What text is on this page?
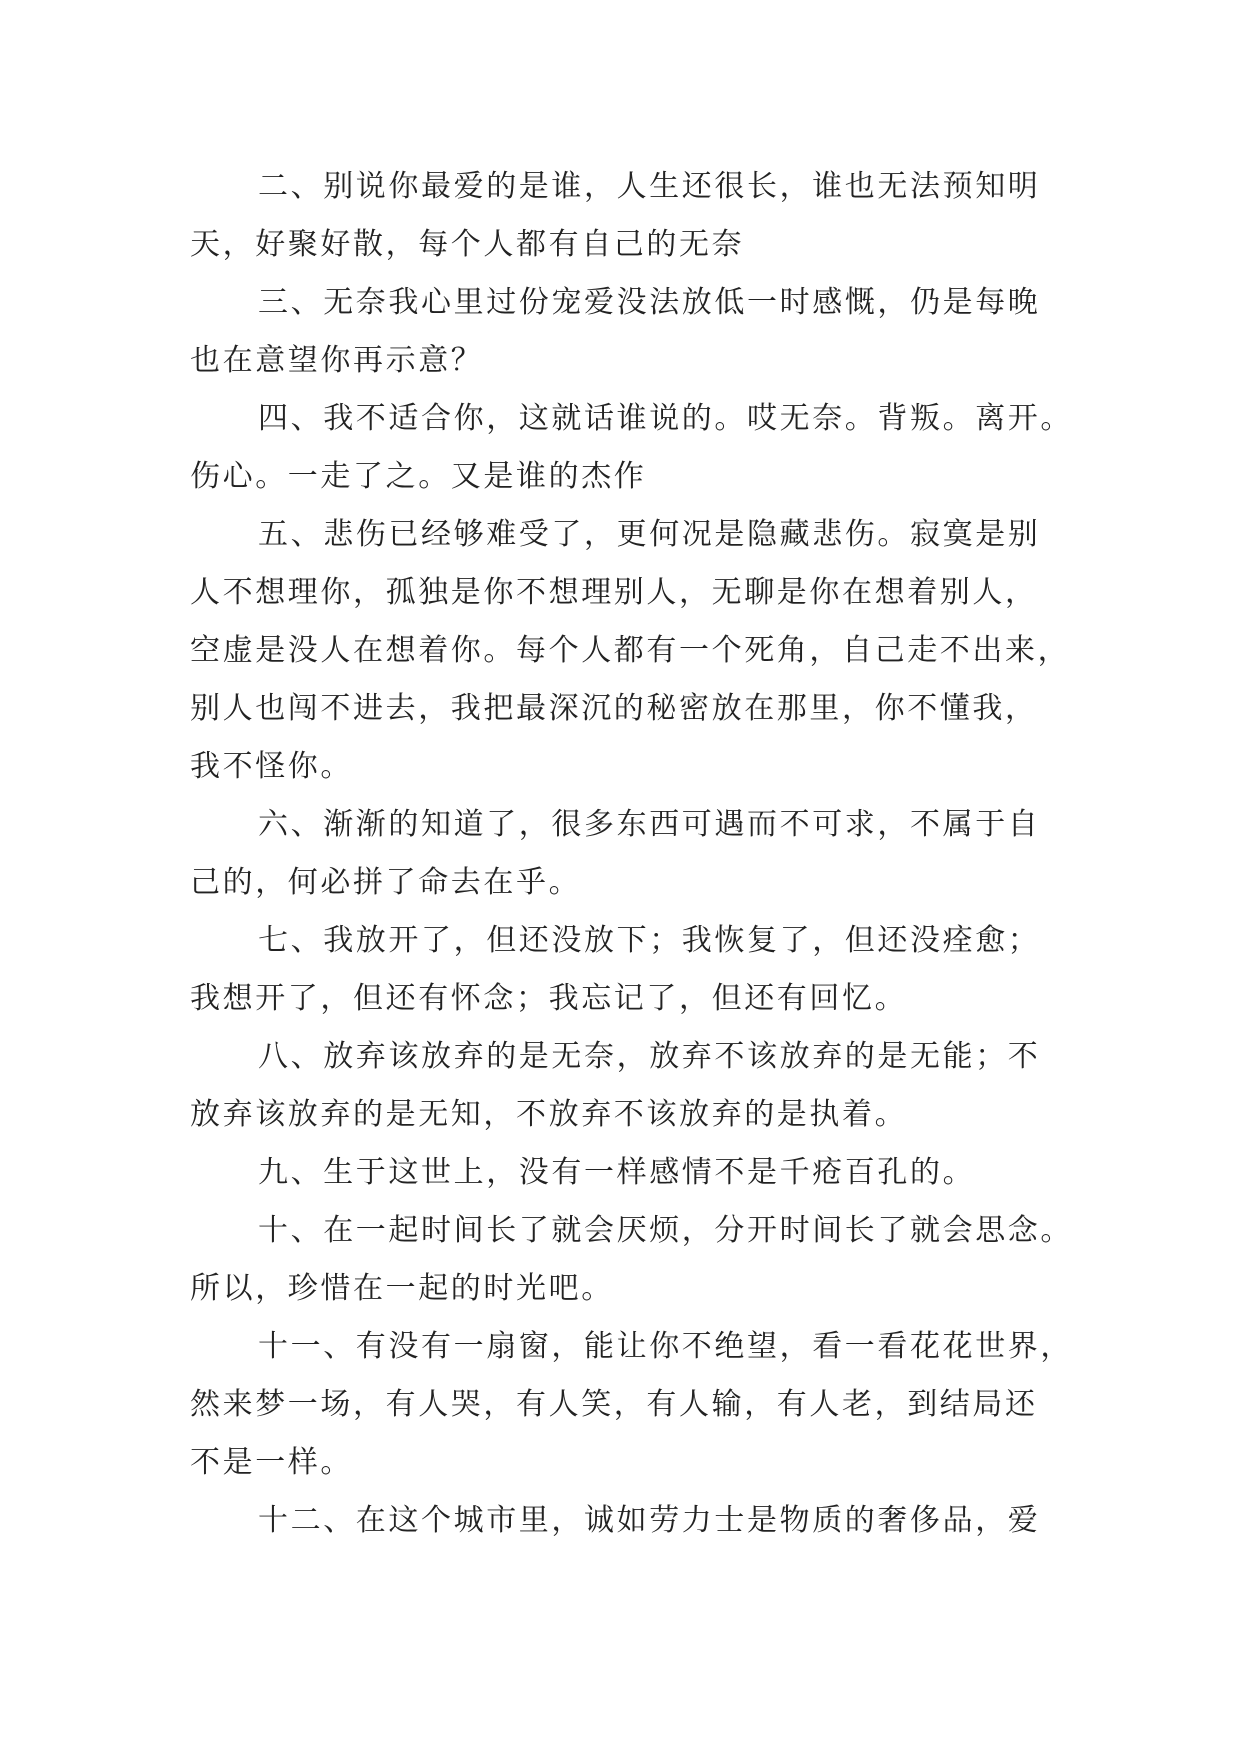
二、别说你最爱的是谁，人生还很长，谁也无法预知明
天，好聚好散，每个人都有自己的无奈

三、无奈我心里过份宠爱没法放低一时感慨，仍是每晚
也在意望你再示意？

四、我不适合你，这就话谁说的。哎无奈。背叛。离开。
伤心。一走了之。又是谁的杰作

五、悲伤已经够难受了，更何况是隐藏悲伤。寂寞是别
人不想理你，孤独是你不想理别人，无聊是你在想着别人，
空虚是没人在想着你。每个人都有一个死角，自己走不出来，
别人也闯不进去，我把最深沉的秘密放在那里，你不懂我，
我不怪你。

六、渐渐的知道了，很多东西可遇而不可求，不属于自
己的，何必拼了命去在乎。

七、我放开了，但还没放下；我恢复了，但还没痊愈；
我想开了，但还有怀念；我忘记了，但还有回忆。

八、放弃该放弃的是无奈，放弃不该放弃的是无能；不
放弃该放弃的是无知，不放弃不该放弃的是执着。

九、生于这世上，没有一样感情不是千疮百孔的。

十、在一起时间长了就会厌烦，分开时间长了就会思念。
所以，珍惜在一起的时光吧。

十一、有没有一扇窗，能让你不绝望，看一看花花世界，
然来梦一场，有人哭，有人笑，有人输，有人老，到结局还
不是一样。

十二、在这个城市里，诚如劳力士是物质的奢侈品，爱
